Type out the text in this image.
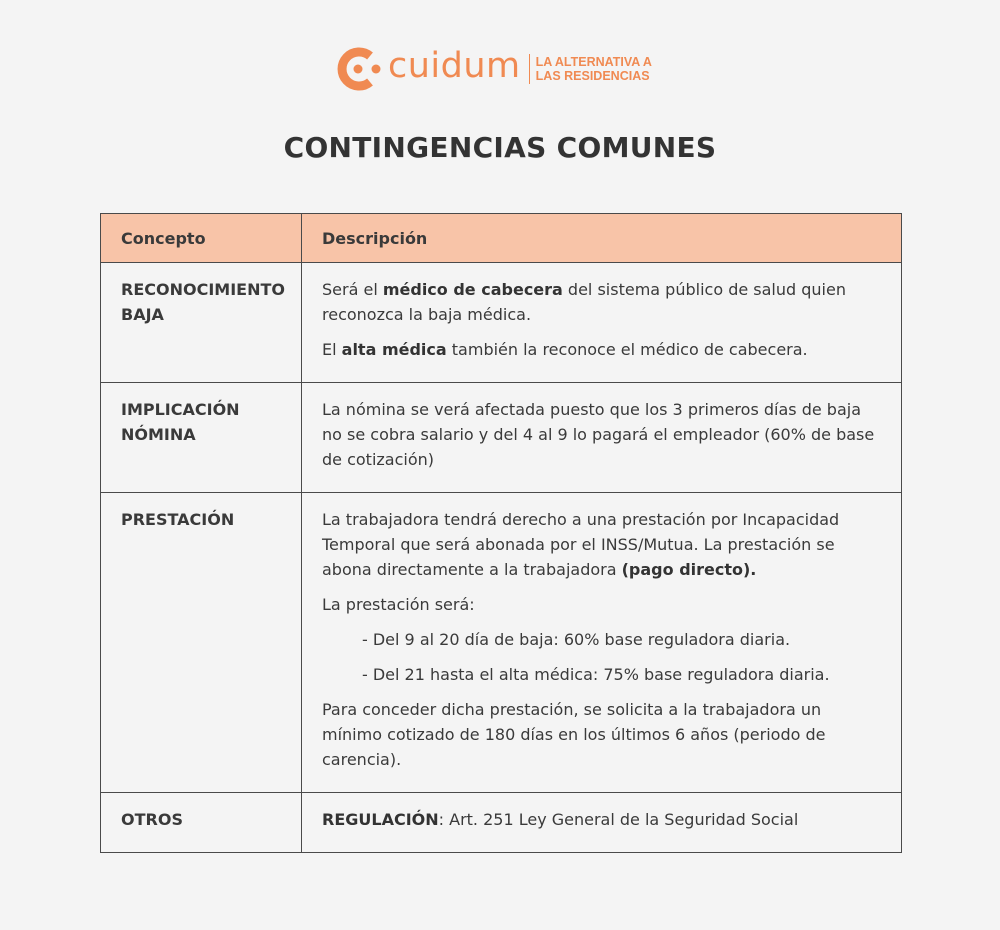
cuidum LA ALTERNATIVA A
LAS RESIDENCIAS
CONTINGENCIAS COMUNES
Concepto	Descripción
RECONOCIMIENTO BAJA	Será el médico de cabecera del sistema público de salud quien reconozca la baja médica.

El alta médica también la reconoce el médico de cabecera.

IMPLICACIÓN NÓMINA	La nómina se verá afectada puesto que los 3 primeros días de baja no se cobra salario y del 4 al 9 lo pagará el empleador (60% de base de cotización)

PRESTACIÓN	La trabajadora tendrá derecho a una prestación por Incapacidad Temporal que será abonada por el INSS/Mutua. La prestación se abona directamente a la trabajadora (pago directo).

La prestación será:

- Del 9 al 20 día de baja: 60% base reguladora diaria.

- Del 21 hasta el alta médica: 75% base reguladora diaria.

Para conceder dicha prestación, se solicita a la trabajadora un mínimo cotizado de 180 días en los últimos 6 años (periodo de carencia).

OTROS	REGULACIÓN: Art. 251 Ley General de la Seguridad Social
